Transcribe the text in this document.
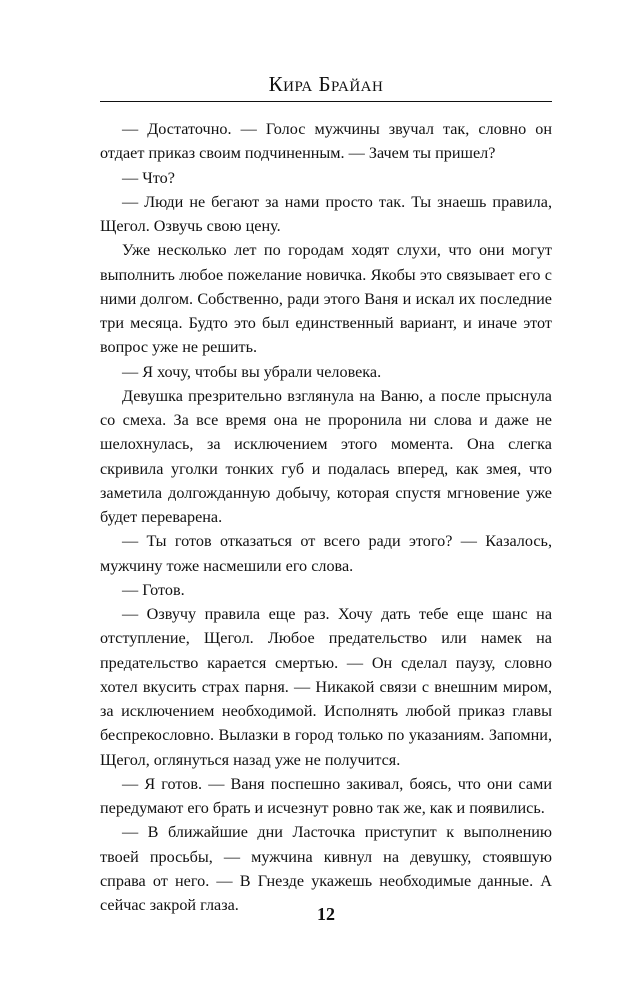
Кира Брайан

— Достаточно. — Голос мужчины звучал так, словно он отдает приказ своим подчиненным. — Зачем ты пришел?

— Что?

— Люди не бегают за нами просто так. Ты знаешь правила, Щегол. Озвучь свою цену.

Уже несколько лет по городам ходят слухи, что они могут выполнить любое пожелание новичка. Якобы это связывает его с ними долгом. Собственно, ради этого Ваня и искал их последние три месяца. Будто это был единственный вариант, и иначе этот вопрос уже не решить.

— Я хочу, чтобы вы убрали человека.

Девушка презрительно взглянула на Ваню, а после прыснула со смеха. За все время она не проронила ни слова и даже не шелохнулась, за исключением этого момента. Она слегка скривила уголки тонких губ и подалась вперед, как змея, что заметила долгожданную добычу, которая спустя мгновение уже будет переварена.

— Ты готов отказаться от всего ради этого? — Казалось, мужчину тоже насмешили его слова.

— Готов.

— Озвучу правила еще раз. Хочу дать тебе еще шанс на отступление, Щегол. Любое предательство или намек на предательство карается смертью. — Он сделал паузу, словно хотел вкусить страх парня. — Никакой связи с внешним миром, за исключением необходимой. Исполнять любой приказ главы беспрекословно. Вылазки в город только по указаниям. Запомни, Щегол, оглянуться назад уже не получится.

— Я готов. — Ваня поспешно закивал, боясь, что они сами передумают его брать и исчезнут ровно так же, как и появились.

— В ближайшие дни Ласточка приступит к выполнению твоей просьбы, — мужчина кивнул на девушку, стоявшую справа от него. — В Гнезде укажешь необходимые данные. А сейчас закрой глаза.	12
